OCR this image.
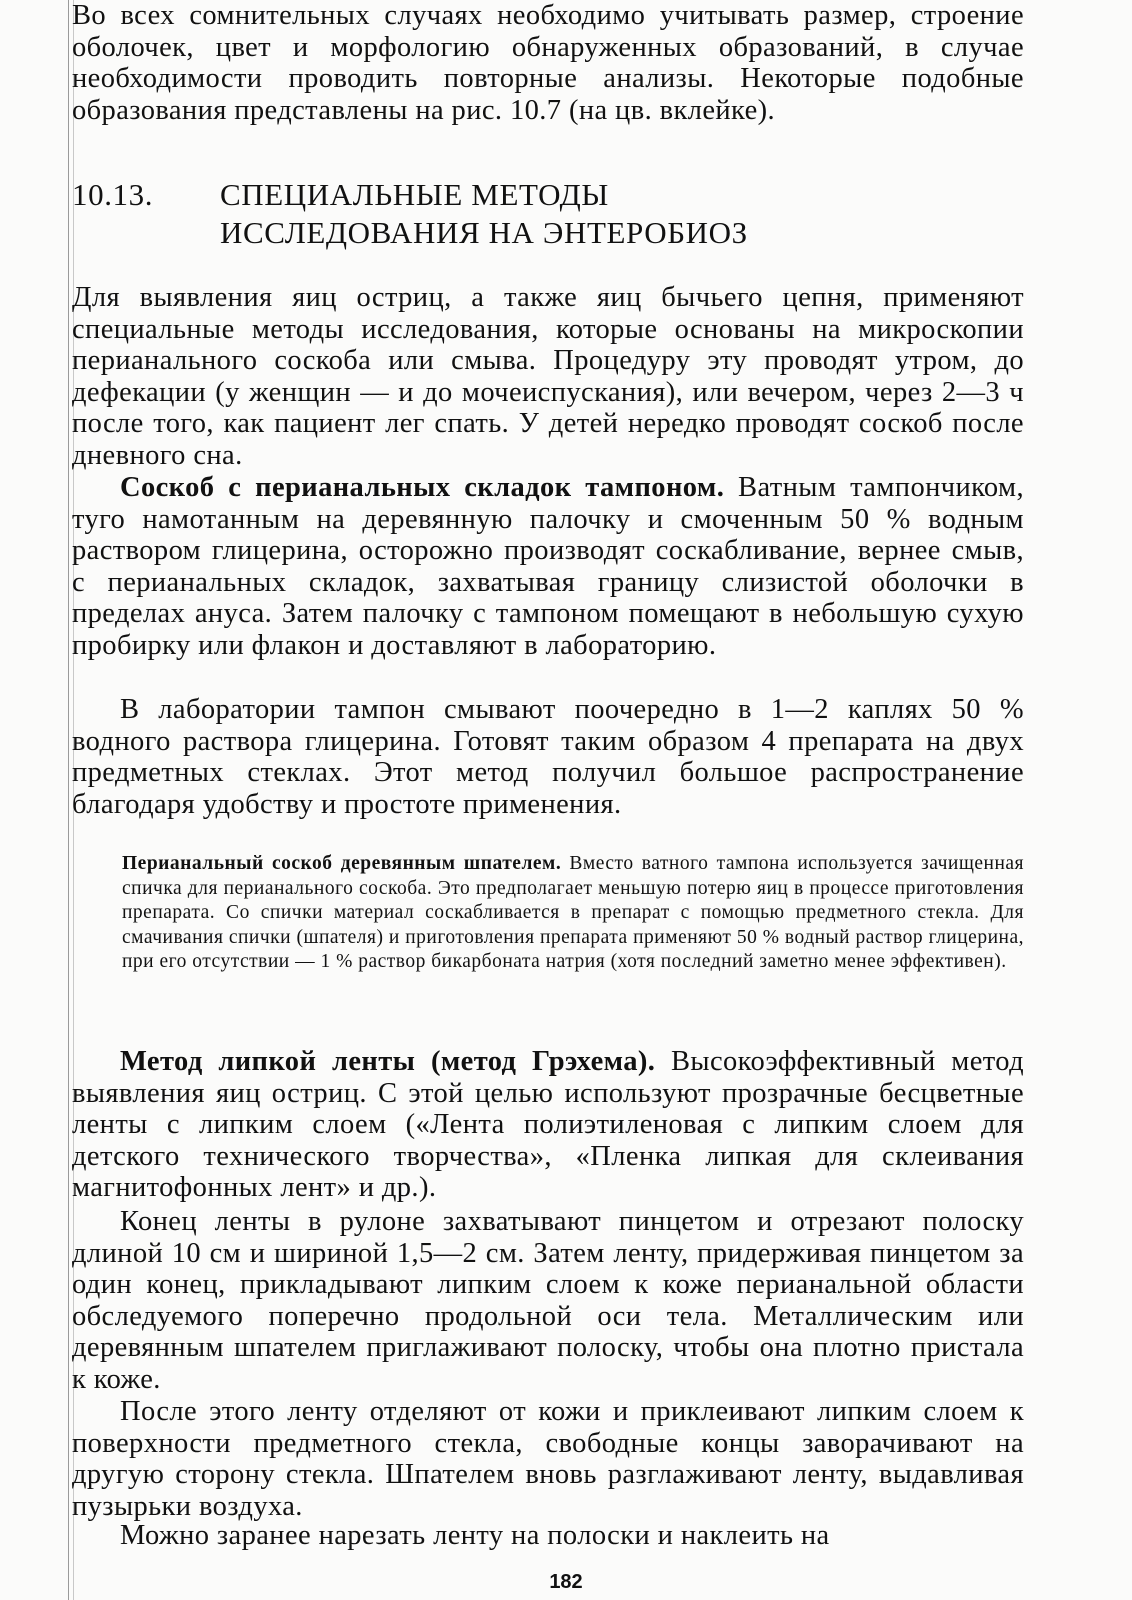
Во всех сомнительных случаях необходимо учитывать размер, строение оболочек, цвет и морфологию обнаруженных образований, в случае необходимости проводить повторные анализы. Некоторые подобные образования представлены на рис. 10.7 (на цв. вклейке).

10.13. СПЕЦИАЛЬНЫЕ МЕТОДЫ
ИССЛЕДОВАНИЯ НА ЭНТЕРОБИОЗ

Для выявления яиц остриц, а также яиц бычьего цепня, применяют специальные методы исследования, которые основаны на микроскопии перианального соскоба или смыва. Процедуру эту проводят утром, до дефекации (у женщин — и до мочеиспускания), или вечером, через 2—3 ч после того, как пациент лег спать. У детей нередко проводят соскоб после дневного сна.

Соскоб с перианальных складок тампоном. Ватным тампончиком, туго намотанным на деревянную палочку и смоченным 50 % водным раствором глицерина, осторожно производят соскабливание, вернее смыв, с перианальных складок, захватывая границу слизистой оболочки в пределах ануса. Затем палочку с тампоном помещают в небольшую сухую пробирку или флакон и доставляют в лабораторию.

В лаборатории тампон смывают поочередно в 1—2 каплях 50 % водного раствора глицерина. Готовят таким образом 4 препарата на двух предметных стеклах. Этот метод получил большое распространение благодаря удобству и простоте применения.

Перианальный соскоб деревянным шпателем. Вместо ватного тампона используется зачищенная спичка для перианального соскоба. Это предполагает меньшую потерю яиц в процессе приготовления препарата. Со спички материал соскабливается в препарат с помощью предметного стекла. Для смачивания спички (шпателя) и приготовления препарата применяют 50 % водный раствор глицерина, при его отсутствии — 1 % раствор бикарбоната натрия (хотя последний заметно менее эффективен).

Метод липкой ленты (метод Грэхема). Высокоэффективный метод выявления яиц остриц. С этой целью используют прозрачные бесцветные ленты с липким слоем («Лента полиэтиленовая с липким слоем для детского технического творчества», «Пленка липкая для склеивания магнитофонных лент» и др.).

Конец ленты в рулоне захватывают пинцетом и отрезают полоску длиной 10 см и шириной 1,5—2 см. Затем ленту, придерживая пинцетом за один конец, прикладывают липким слоем к коже перианальной области обследуемого поперечно продольной оси тела. Металлическим или деревянным шпателем приглаживают полоску, чтобы она плотно пристала к коже.

После этого ленту отделяют от кожи и приклеивают липким слоем к поверхности предметного стекла, свободные концы заворачивают на другую сторону стекла. Шпателем вновь разглаживают ленту, выдавливая пузырьки воздуха.

Можно заранее нарезать ленту на полоски и наклеить на

182
